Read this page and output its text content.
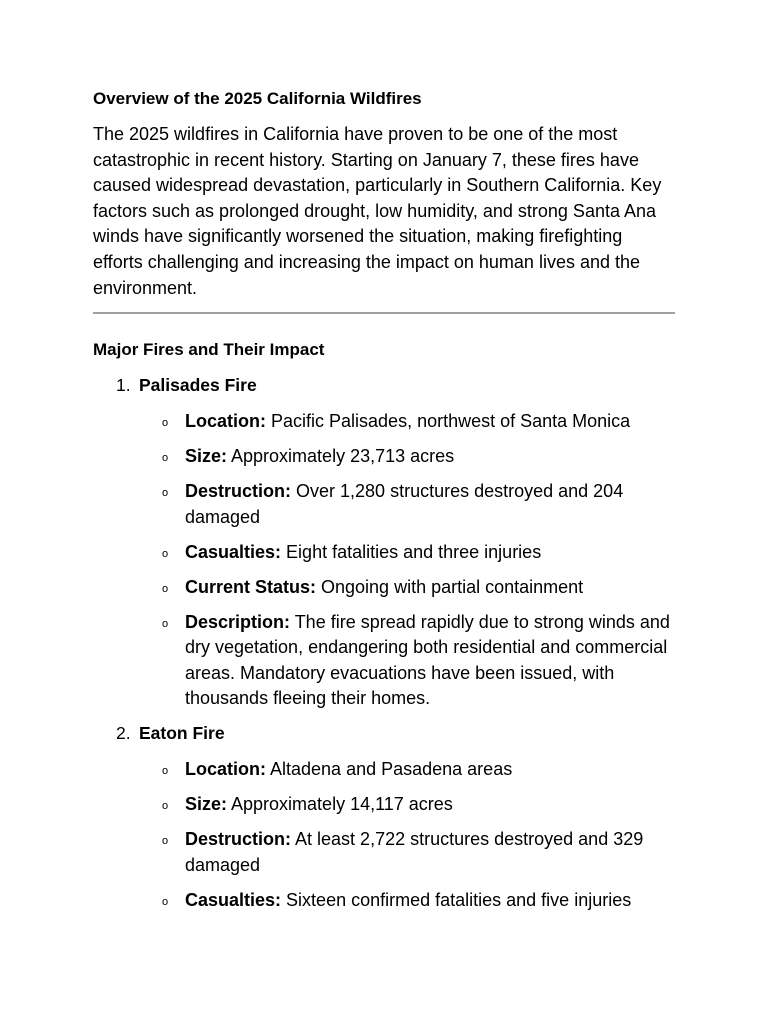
Overview of the 2025 California Wildfires

The 2025 wildfires in California have proven to be one of the most catastrophic in recent history. Starting on January 7, these fires have caused widespread devastation, particularly in Southern California. Key factors such as prolonged drought, low humidity, and strong Santa Ana winds have significantly worsened the situation, making firefighting efforts challenging and increasing the impact on human lives and the environment.

Major Fires and Their Impact
1. Palisades Fire
o Location: Pacific Palisades, northwest of Santa Monica
o Size: Approximately 23,713 acres
o Destruction: Over 1,280 structures destroyed and 204 damaged
o Casualties: Eight fatalities and three injuries
o Current Status: Ongoing with partial containment
o Description: The fire spread rapidly due to strong winds and dry vegetation, endangering both residential and commercial areas. Mandatory evacuations have been issued, with thousands fleeing their homes.
2. Eaton Fire
o Location: Altadena and Pasadena areas
o Size: Approximately 14,117 acres
o Destruction: At least 2,722 structures destroyed and 329 damaged
o Casualties: Sixteen confirmed fatalities and five injuries
